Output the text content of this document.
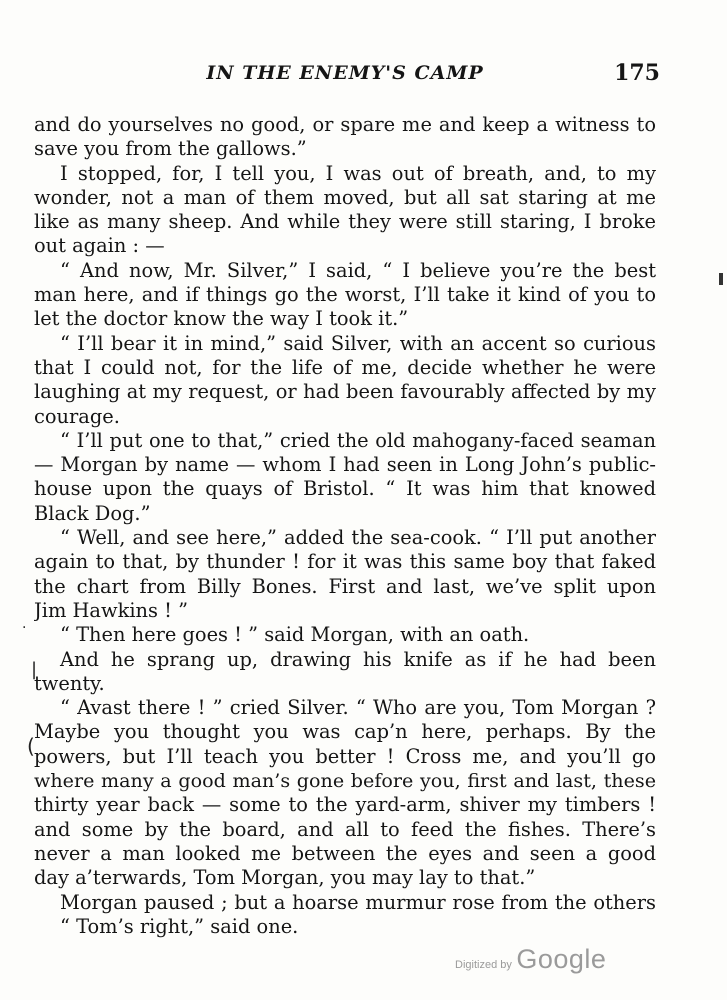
IN THE ENEMY'S CAMP	175
and do yourselves no good, or spare me and keep a witness to
save you from the gallows.”
I stopped, for, I tell you, I was out of breath, and, to my
wonder, not a man of them moved, but all sat staring at me
like as many sheep. And while they were still staring, I broke
out again : —
“ And now, Mr. Silver,” I said, “ I believe you’re the best
man here, and if things go the worst, I’ll take it kind of you to
let the doctor know the way I took it.”
“ I’ll bear it in mind,” said Silver, with an accent so curious
that I could not, for the life of me, decide whether he were
laughing at my request, or had been favourably affected by my
courage.
“ I’ll put one to that,” cried the old mahogany-faced seaman
— Morgan by name — whom I had seen in Long John’s public-
house upon the quays of Bristol. “ It was him that knowed
Black Dog.”
“ Well, and see here,” added the sea-cook. “ I’ll put another
again to that, by thunder ! for it was this same boy that faked
the chart from Billy Bones. First and last, we’ve split upon
Jim Hawkins ! ”
“ Then here goes ! ” said Morgan, with an oath.
And he sprang up, drawing his knife as if he had been
twenty.
“ Avast there ! ” cried Silver. “ Who are you, Tom Morgan ?
Maybe you thought you was cap’n here, perhaps. By the
powers, but I’ll teach you better ! Cross me, and you’ll go
where many a good man’s gone before you, first and last, these
thirty year back — some to the yard-arm, shiver my timbers !
and some by the board, and all to feed the fishes. There’s
never a man looked me between the eyes and seen a good
day a’terwards, Tom Morgan, you may lay to that.”
Morgan paused ; but a hoarse murmur rose from the others
“ Tom’s right,” said one.
.
|
(
Digitized by Google
